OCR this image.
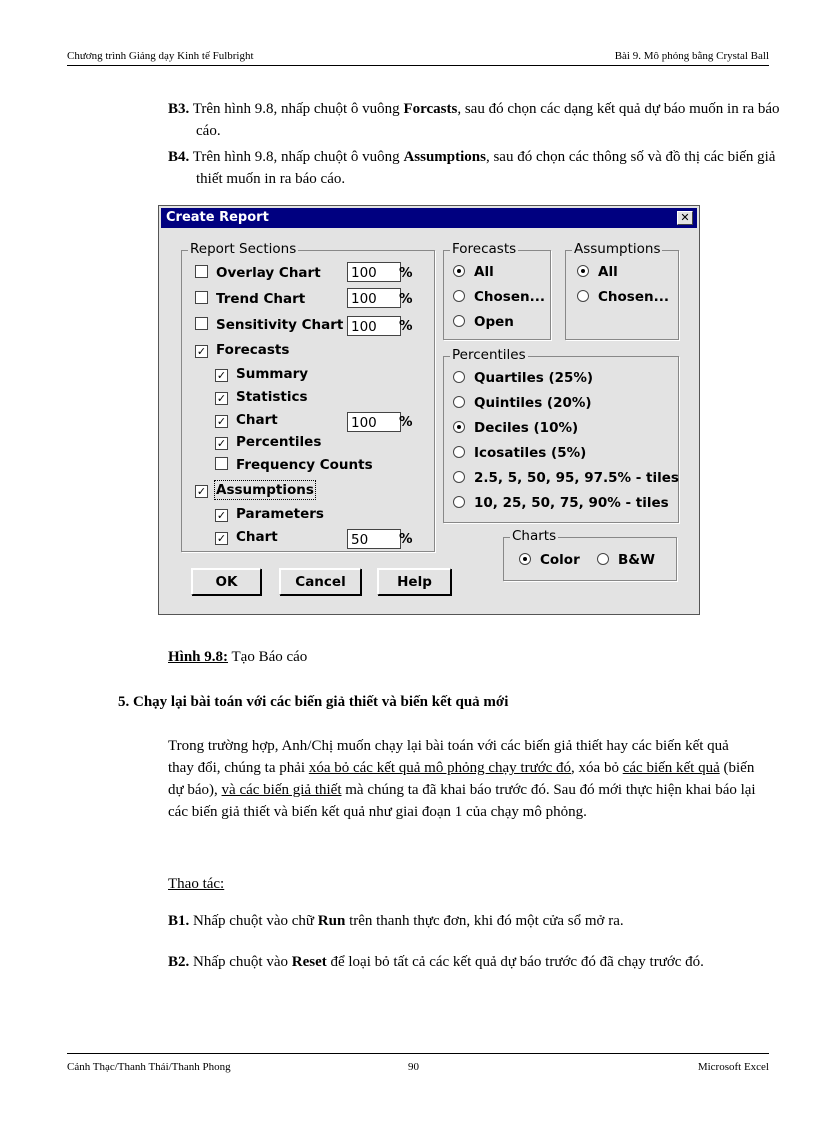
Chương trình Giảng dạy Kinh tế Fulbright	Bài 9. Mô phỏng bằng Crystal Ball
B3. Trên hình 9.8, nhấp chuột ô vuông Forcasts, sau đó chọn các dạng kết quả dự báo muốn in ra báo cáo.
B4. Trên hình 9.8, nhấp chuột ô vuông Assumptions, sau đó chọn các thông số và đồ thị các biến giả thiết muốn in ra báo cáo.
Create Report	✕
Report Sections
Overlay Chart 100	%
Trend Chart	100	%
Sensitivity Chart 100	%
✓ Forecasts
✓ Summary
✓ Statistics
✓ Chart	100	%
✓ Percentiles
Frequency Counts
✓ Assumptions
✓ Parameters
✓ Chart	50	%
Forecasts
All
Chosen...
Open
Assumptions
All
Chosen...
Percentiles
Quartiles (25%)
Quintiles (20%)
Deciles (10%)
Icosatiles (5%)
2.5, 5, 50, 95, 97.5% - tiles
10, 25, 50, 75, 90% - tiles
Charts
Color	B&W
OK	Cancel	Help
Hình 9.8: Tạo Báo cáo
5. Chạy lại bài toán với các biến giả thiết và biến kết quả mới
Trong trường hợp, Anh/Chị muốn chạy lại bài toán với các biến giả thiết hay các biến kết quả thay đổi, chúng ta phải xóa bỏ các kết quả mô phỏng chạy trước đó, xóa bỏ các biến kết quả (biến dự báo), và các biến giả thiết mà chúng ta đã khai báo trước đó. Sau đó mới thực hiện khai báo lại các biến giả thiết và biến kết quả như giai đoạn 1 của chạy mô phỏng.
Thao tác:
B1. Nhấp chuột vào chữ Run trên thanh thực đơn, khi đó một cửa sổ mở ra.
B2. Nhấp chuột vào Reset để loại bỏ tất cả các kết quả dự báo trước đó đã chạy trước đó.
Cảnh Thạc/Thanh Thái/Thanh Phong	90	Microsoft Excel
